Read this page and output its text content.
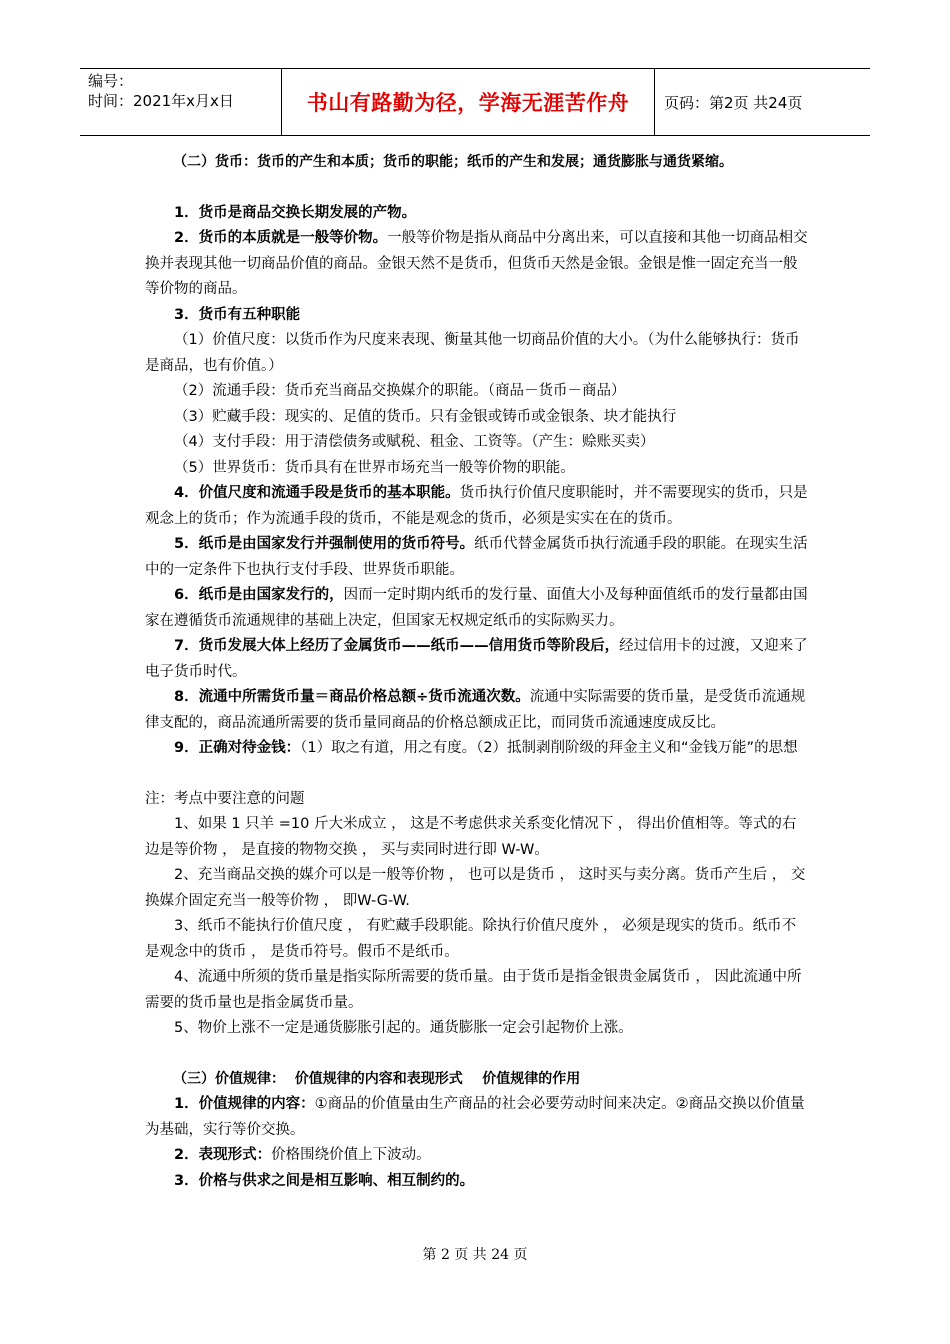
编号：
时间：2021年x月x日	书山有路勤为径，学海无涯苦作舟	页码：第2页 共24页

（二）货币：货币的产生和本质；货币的职能；纸币的产生和发展；通货膨胀与通货紧缩。

1．货币是商品交换长期发展的产物。

2．货币的本质就是一般等价物。一般等价物是指从商品中分离出来，可以直接和其他一切商品相交换并表现其他一切商品价值的商品。金银天然不是货币，但货币天然是金银。金银是惟一固定充当一般等价物的商品。

3．货币有五种职能

（1）价值尺度：以货币作为尺度来表现、衡量其他一切商品价值的大小。（为什么能够执行：货币是商品，也有价值。）

（2）流通手段：货币充当商品交换媒介的职能。（商品－货币－商品）

（3）贮藏手段：现实的、足值的货币。只有金银或铸币或金银条、块才能执行

（4）支付手段：用于清偿债务或赋税、租金、工资等。（产生：赊账买卖）

（5）世界货币：货币具有在世界市场充当一般等价物的职能。

4．价值尺度和流通手段是货币的基本职能。货币执行价值尺度职能时，并不需要现实的货币，只是观念上的货币；作为流通手段的货币，不能是观念的货币，必须是实实在在的货币。

5．纸币是由国家发行并强制使用的货币符号。纸币代替金属货币执行流通手段的职能。在现实生活中的一定条件下也执行支付手段、世界货币职能。

6．纸币是由国家发行的，因而一定时期内纸币的发行量、面值大小及每种面值纸币的发行量都由国家在遵循货币流通规律的基础上决定，但国家无权规定纸币的实际购买力。

7．货币发展大体上经历了金属货币——纸币——信用货币等阶段后，经过信用卡的过渡，又迎来了电子货币时代。

8．流通中所需货币量＝商品价格总额÷货币流通次数。流通中实际需要的货币量，是受货币流通规律支配的，商品流通所需要的货币量同商品的价格总额成正比，而同货币流通速度成反比。

9．正确对待金钱：（1）取之有道，用之有度。（2）抵制剥削阶级的拜金主义和“金钱万能”的思想

注：考点中要注意的问题

1、如果 1 只羊 =10 斤大米成立 ， 这是不考虑供求关系变化情况下 ， 得出价值相等。等式的右边是等价物 ， 是直接的物物交换 ， 买与卖同时进行即 W-W。

2、充当商品交换的媒介可以是一般等价物 ， 也可以是货币 ， 这时买与卖分离。货币产生后 ， 交换媒介固定充当一般等价物 ， 即W-G-W.

3、纸币不能执行价值尺度 ， 有贮藏手段职能。除执行价值尺度外 ， 必须是现实的货币。纸币不是观念中的货币 ， 是货币符号。假币不是纸币。

4、流通中所须的货币量是指实际所需要的货币量。由于货币是指金银贵金属货币 ， 因此流通中所需要的货币量也是指金属货币量。

5、物价上涨不一定是通货膨胀引起的。通货膨胀一定会引起物价上涨。

（三）价值规律：  价值规律的内容和表现形式    价值规律的作用

1．价值规律的内容：①商品的价值量由生产商品的社会必要劳动时间来决定。②商品交换以价值量为基础，实行等价交换。

2．表现形式：价格围绕价值上下波动。

3．价格与供求之间是相互影响、相互制约的。

第 2 页 共 24 页
